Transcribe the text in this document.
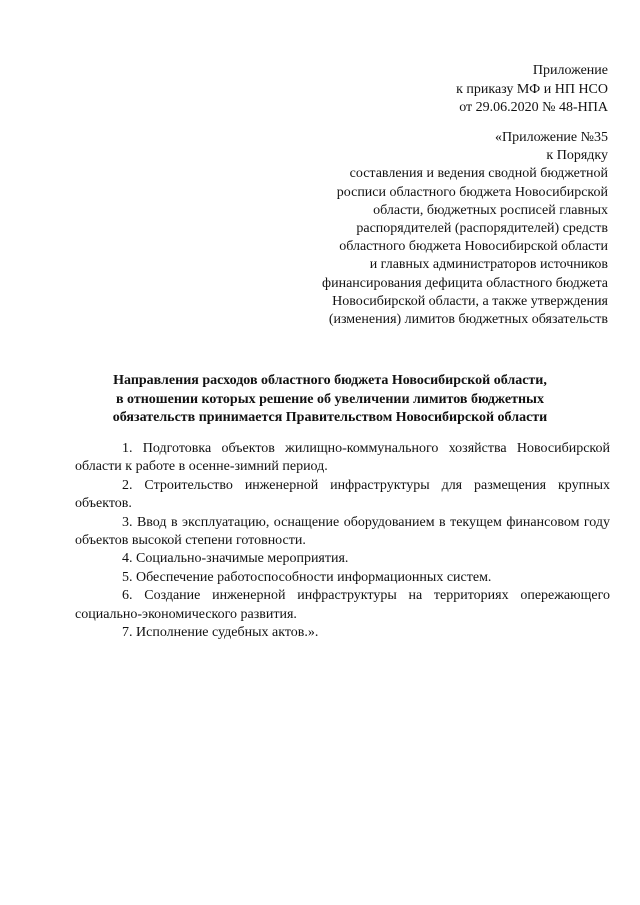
Приложение
к приказу МФ и НП НСО
от 29.06.2020 № 48-НПА
«Приложение №35
к Порядку
составления и ведения сводной бюджетной
росписи областного бюджета Новосибирской
области, бюджетных росписей главных
распорядителей (распорядителей) средств
областного бюджета Новосибирской области
и главных администраторов источников
финансирования дефицита областного бюджета
Новосибирской области, а также утверждения
(изменения) лимитов бюджетных обязательств
Направления расходов областного бюджета Новосибирской области,
в отношении которых решение об увеличении лимитов бюджетных
обязательств принимается Правительством Новосибирской области

1. Подготовка объектов жилищно-коммунального хозяйства Новосибирской области к работе в осенне-зимний период.

2. Строительство инженерной инфраструктуры для размещения крупных объектов.

3. Ввод в эксплуатацию, оснащение оборудованием в текущем финансовом году объектов высокой степени готовности.

4. Социально-значимые мероприятия.

5. Обеспечение работоспособности информационных систем.

6. Создание инженерной инфраструктуры на территориях опережающего социально-экономического развития.

7. Исполнение судебных актов.».
